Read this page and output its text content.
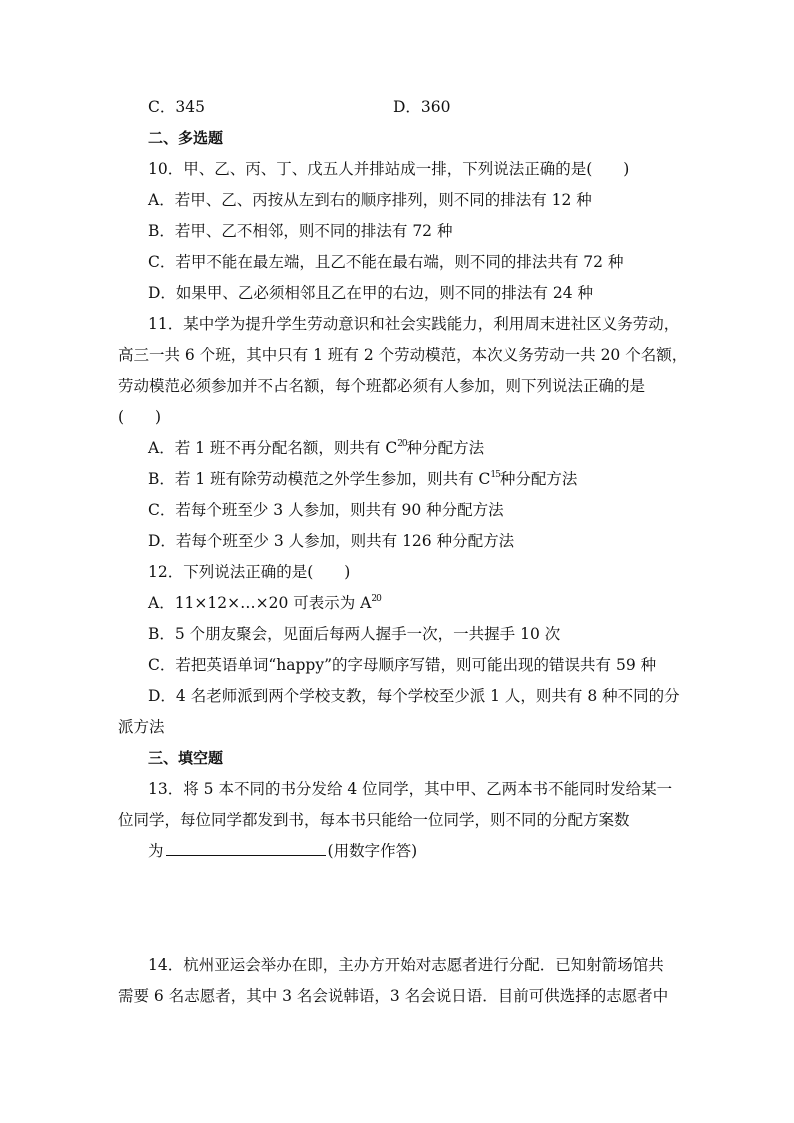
C．345	D．360
二、多选题
10．甲、乙、丙、丁、戊五人并排站成一排，下列说法正确的是(　　)
A．若甲、乙、丙按从左到右的顺序排列，则不同的排法有 12 种
B．若甲、乙不相邻，则不同的排法有 72 种
C．若甲不能在最左端，且乙不能在最右端，则不同的排法共有 72 种
D．如果甲、乙必须相邻且乙在甲的右边，则不同的排法有 24 种
11．某中学为提升学生劳动意识和社会实践能力，利用周末进社区义务劳动，
高三一共 6 个班，其中只有 1 班有 2 个劳动模范，本次义务劳动一共 20 个名额，
劳动模范必须参加并不占名额，每个班都必须有人参加，则下列说法正确的是
(　　)
A．若 1 班不再分配名额，则共有 $C^{20}$种分配方法
B．若 1 班有除劳动模范之外学生参加，则共有 $C^{15}$种分配方法
C．若每个班至少 3 人参加，则共有 90 种分配方法
D．若每个班至少 3 人参加，则共有 126 种分配方法
12．下列说法正确的是(　　)
A．11×12×…×20 可表示为 $A^{20}$
B．5 个朋友聚会，见面后每两人握手一次，一共握手 10 次
C．若把英语单词“happy”的字母顺序写错，则可能出现的错误共有 59 种
D．4 名老师派到两个学校支教，每个学校至少派 1 人，则共有 8 种不同的分
派方法
三、填空题
13．将 5 本不同的书分发给 4 位同学，其中甲、乙两本书不能同时发给某一
位同学，每位同学都发到书，每本书只能给一位同学，则不同的分配方案数
为	(用数字作答)
14．杭州亚运会举办在即，主办方开始对志愿者进行分配．已知射箭场馆共
需要 6 名志愿者，其中 3 名会说韩语，3 名会说日语．目前可供选择的志愿者中
